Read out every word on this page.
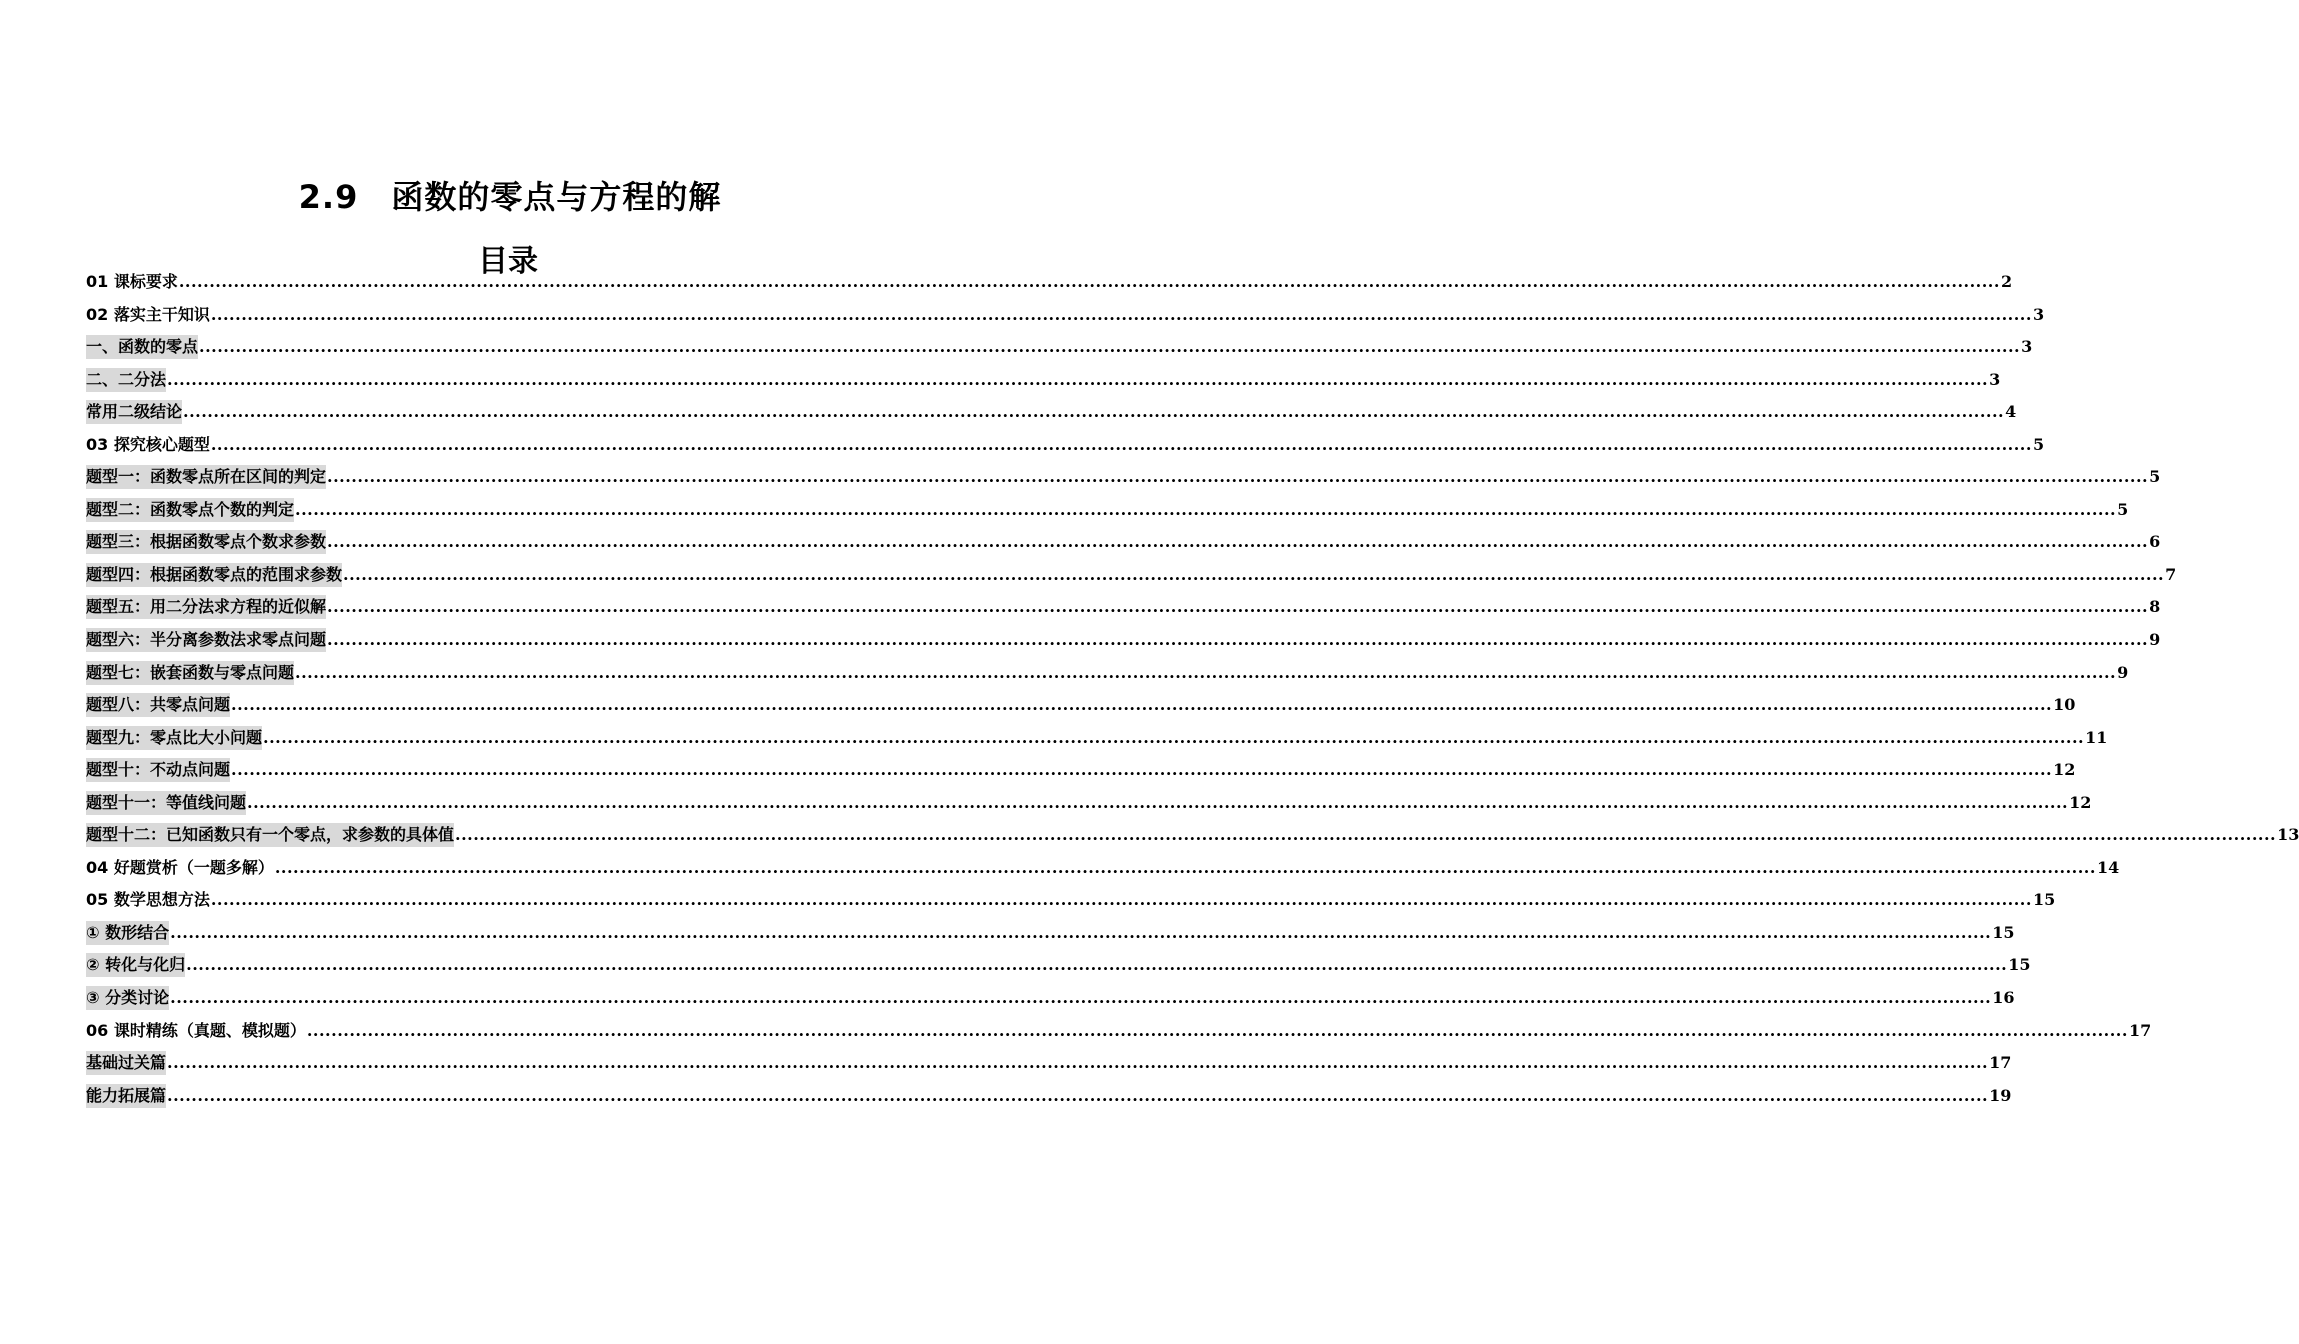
2.9　函数的零点与方程的解
目录
01 课标要求 ............................................................................................................................................................................................................................................................................................................ 2
02 落实主干知识 ............................................................................................................................................................................................................................................................................................................ 3
一、函数的零点 ............................................................................................................................................................................................................................................................................................................ 3
二、二分法 ............................................................................................................................................................................................................................................................................................................ 3
常用二级结论 ............................................................................................................................................................................................................................................................................................................ 4
03 探究核心题型 ............................................................................................................................................................................................................................................................................................................ 5
题型一：函数零点所在区间的判定 ............................................................................................................................................................................................................................................................................................................ 5
题型二：函数零点个数的判定 ............................................................................................................................................................................................................................................................................................................ 5
题型三：根据函数零点个数求参数 ............................................................................................................................................................................................................................................................................................................ 6
题型四：根据函数零点的范围求参数 ............................................................................................................................................................................................................................................................................................................ 7
题型五：用二分法求方程的近似解 ............................................................................................................................................................................................................................................................................................................ 8
题型六：半分离参数法求零点问题 ............................................................................................................................................................................................................................................................................................................ 9
题型七：嵌套函数与零点问题 ............................................................................................................................................................................................................................................................................................................ 9
题型八：共零点问题 ............................................................................................................................................................................................................................................................................................................ 10
题型九：零点比大小问题 ............................................................................................................................................................................................................................................................................................................ 11
题型十：不动点问题 ............................................................................................................................................................................................................................................................................................................ 12
题型十一：等值线问题 ............................................................................................................................................................................................................................................................................................................ 12
题型十二：已知函数只有一个零点，求参数的具体值 ............................................................................................................................................................................................................................................................................................................ 13
04 好题赏析（一题多解） ............................................................................................................................................................................................................................................................................................................ 14
05 数学思想方法 ............................................................................................................................................................................................................................................................................................................ 15
① 数形结合 ............................................................................................................................................................................................................................................................................................................ 15
② 转化与化归 ............................................................................................................................................................................................................................................................................................................ 15
③ 分类讨论 ............................................................................................................................................................................................................................................................................................................ 16
06 课时精练（真题、模拟题） ............................................................................................................................................................................................................................................................................................................ 17
基础过关篇 ............................................................................................................................................................................................................................................................................................................ 17
能力拓展篇 ............................................................................................................................................................................................................................................................................................................ 19
